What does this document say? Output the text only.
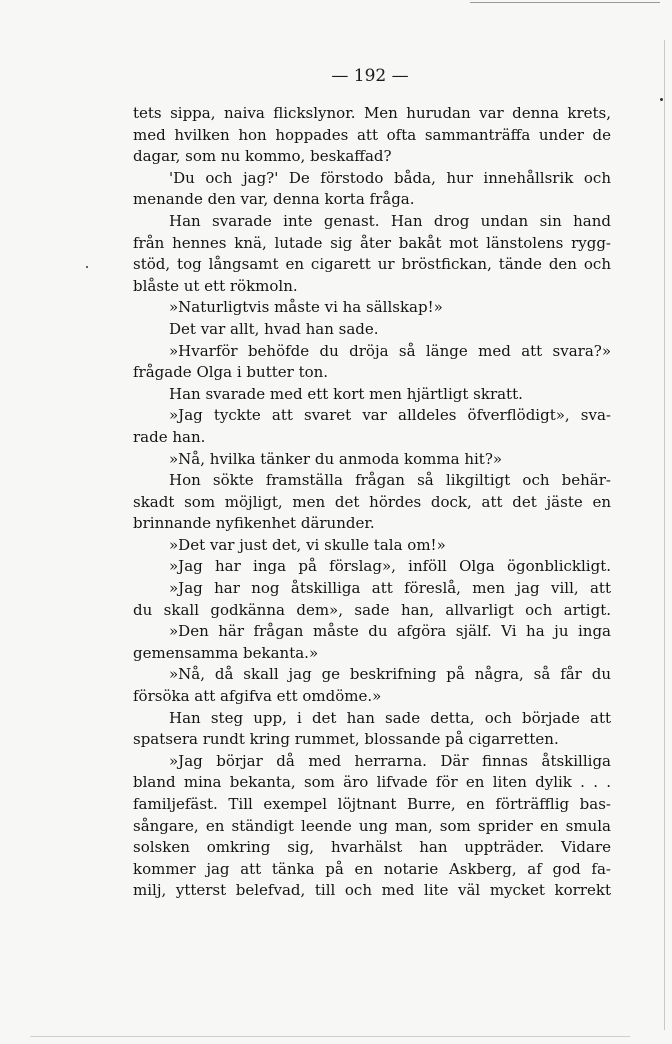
— 192 —
tets sippa, naiva flickslynor. Men hurudan var denna krets,
med hvilken hon hoppades att ofta sammanträffa under de
dagar, som nu kommo, beskaffad?
'Du och jag?' De förstodo båda, hur innehållsrik och
menande den var, denna korta fråga.
Han svarade inte genast. Han drog undan sin hand
från hennes knä, lutade sig åter bakåt mot länstolens rygg-
stöd, tog långsamt en cigarett ur bröstfickan, tände den och
blåste ut ett rökmoln.
»Naturligtvis måste vi ha sällskap!»
Det var allt, hvad han sade.
»Hvarför behöfde du dröja så länge med att svara?»
frågade Olga i butter ton.
Han svarade med ett kort men hjärtligt skratt.
»Jag tyckte att svaret var alldeles öfverflödigt», sva-
rade han.
»Nå, hvilka tänker du anmoda komma hit?»
Hon sökte framställa frågan så likgiltigt och behär-
skadt som möjligt, men det hördes dock, att det jäste en
brinnande nyfikenhet därunder.
»Det var just det, vi skulle tala om!»
»Jag har inga på förslag», inföll Olga ögonblickligt.
»Jag har nog åtskilliga att föreslå, men jag vill, att
du skall godkänna dem», sade han, allvarligt och artigt.
»Den här frågan måste du afgöra själf. Vi ha ju inga
gemensamma bekanta.»
»Nå, då skall jag ge beskrifning på några, så får du
försöka att afgifva ett omdöme.»
Han steg upp, i det han sade detta, och började att
spatsera rundt kring rummet, blossande på cigarretten.
»Jag börjar då med herrarna. Där finnas åtskilliga
bland mina bekanta, som äro lifvade för en liten dylik . . .
familjefäst. Till exempel löjtnant Burre, en förträfflig bas-
sångare, en ständigt leende ung man, som sprider en smula
solsken omkring sig, hvarhälst han uppträder. Vidare
kommer jag att tänka på en notarie Askberg, af god fa-
milj, ytterst belefvad, till och med lite väl mycket korrekt
